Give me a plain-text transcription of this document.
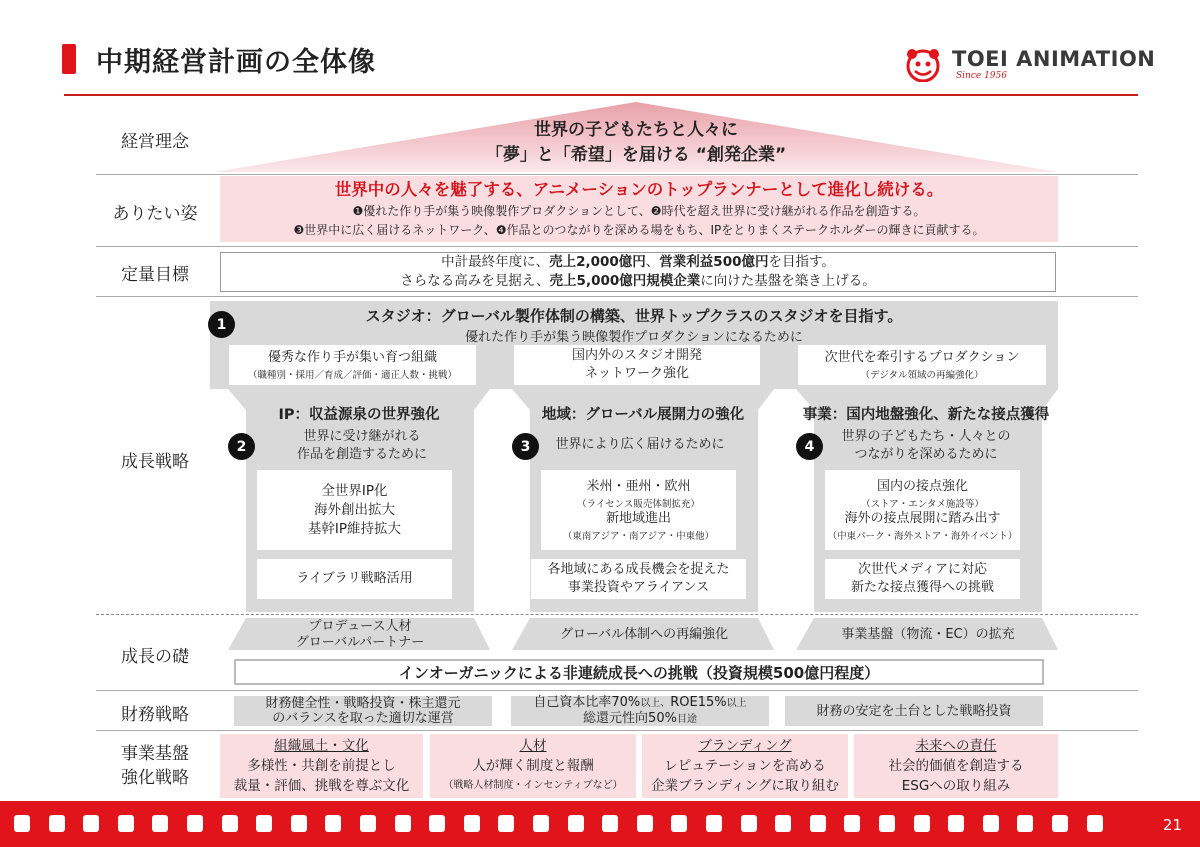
中期経営計画の全体像	TOEI ANIMATION
Since 1956
経営理念
ありたい姿
定量目標
成長戦略
成長の礎
財務戦略
事業基盤
強化戦略
世界の子どもたちと人々に
「夢」と「希望」を届ける “創発企業”
世界中の人々を魅了する、アニメーションのトップランナーとして進化し続ける。
❶優れた作り手が集う映像製作プロダクションとして、❷時代を超え世界に受け継がれる作品を創造する。
❸世界中に広く届けるネットワーク、❹作品とのつながりを深める場をもち、IPをとりまくステークホルダーの輝きに貢献する。
中計最終年度に、売上2,000億円、営業利益500億円を目指す。
さらなる高みを見据え、売上5,000億円規模企業に向けた基盤を築き上げる。
1	スタジオ：グローバル製作体制の構築、世界トップクラスのスタジオを目指す。
優れた作り手が集う映像製作プロダクションになるために
優秀な作り手が集い育つ組織
（職種別・採用／育成／評価・適正人数・挑戦）
国内外のスタジオ開発
ネットワーク強化
次世代を牽引するプロダクション
（デジタル領域の再編強化）
IP：収益源泉の世界強化
2
世界に受け継がれる
作品を創造するために
全世界IP化
海外創出拡大
基幹IP維持拡大
ライブラリ戦略活用
地域：グローバル展開力の強化
3	世界により広く届けるために
米州・亜州・欧州
（ライセンス販売体制拡充）
新地域進出
（東南アジア・南アジア・中東他）
各地域にある成長機会を捉えた
事業投資やアライアンス
事業：国内地盤強化、新たな接点獲得
4
世界の子どもたち・人々との
つながりを深めるために
国内の接点強化
（ストア・エンタメ施設等）
海外の接点展開に踏み出す
（中東パーク・海外ストア・海外イベント）
次世代メディアに対応
新たな接点獲得への挑戦
プロデュース人材
グローバルパートナー
グローバル体制への再編強化	事業基盤（物流・EC）の拡充
インオーガニックによる非連続成長への挑戦（投資規模500億円程度）
財務健全性・戦略投資・株主還元
のバランスを取った適切な運営
自己資本比率70%以上、ROE15%以上
総還元性向50%目途
財務の安定を土台とした戦略投資
組織風土・文化
多様性・共創を前提とし
裁量・評価、挑戦を尊ぶ文化
人材
人が輝く制度と報酬
（戦略人材制度・インセンティブなど）
ブランディング
レピュテーションを高める
企業ブランディングに取り組む
未来への責任
社会的価値を創造する
ESGへの取り組み
21
